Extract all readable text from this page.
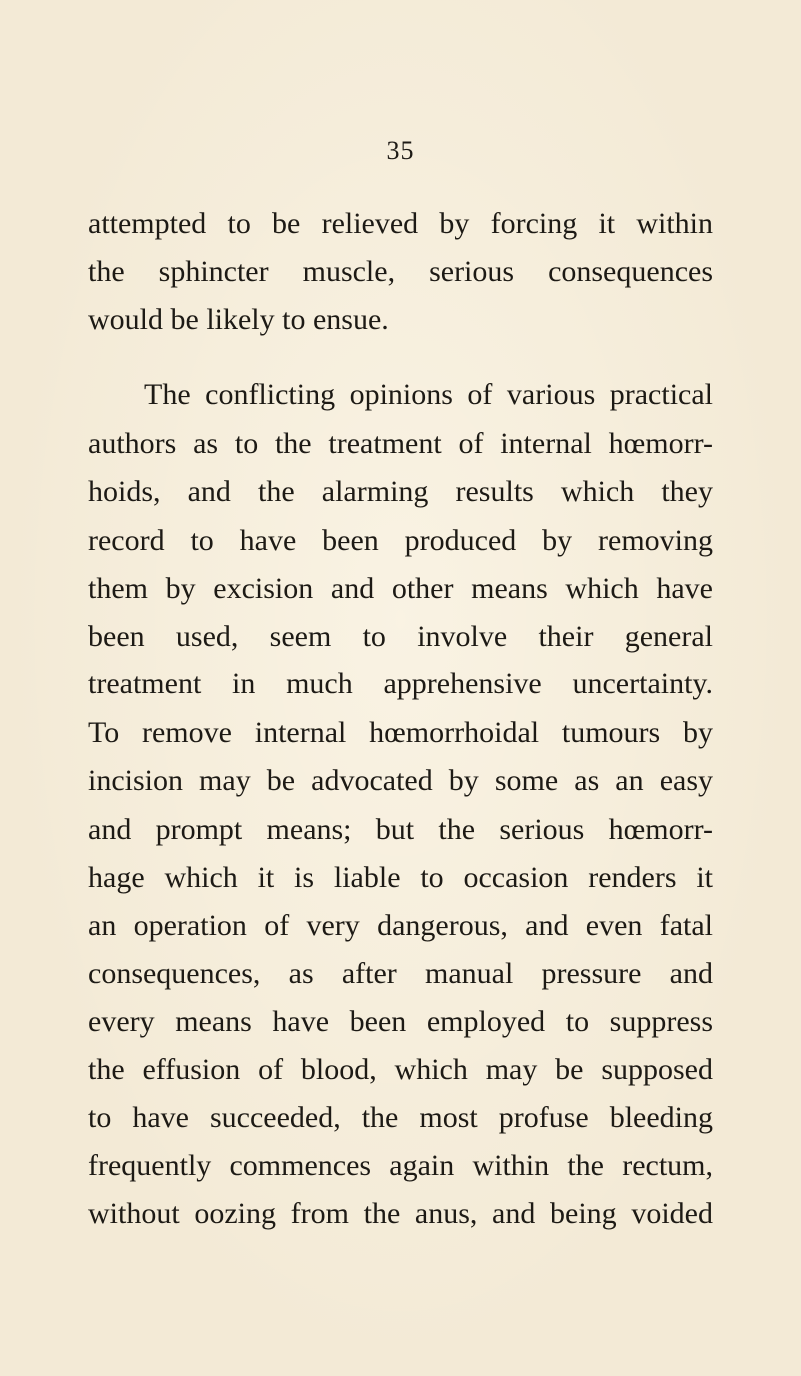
35
attempted to be relieved by forcing it within
the sphincter muscle, serious consequences
would be likely to ensue.
The conflicting opinions of various practical
authors as to the treatment of internal hœmorr-
hoids, and the alarming results which they
record to have been produced by removing
them by excision and other means which have
been used, seem to involve their general
treatment in much apprehensive uncertainty.
To remove internal hœmorrhoidal tumours by
incision may be advocated by some as an easy
and prompt means; but the serious hœmorr-
hage which it is liable to occasion renders it
an operation of very dangerous, and even fatal
consequences, as after manual pressure and
every means have been employed to suppress
the effusion of blood, which may be supposed
to have succeeded, the most profuse bleeding
frequently commences again within the rectum,
without oozing from the anus, and being voided
